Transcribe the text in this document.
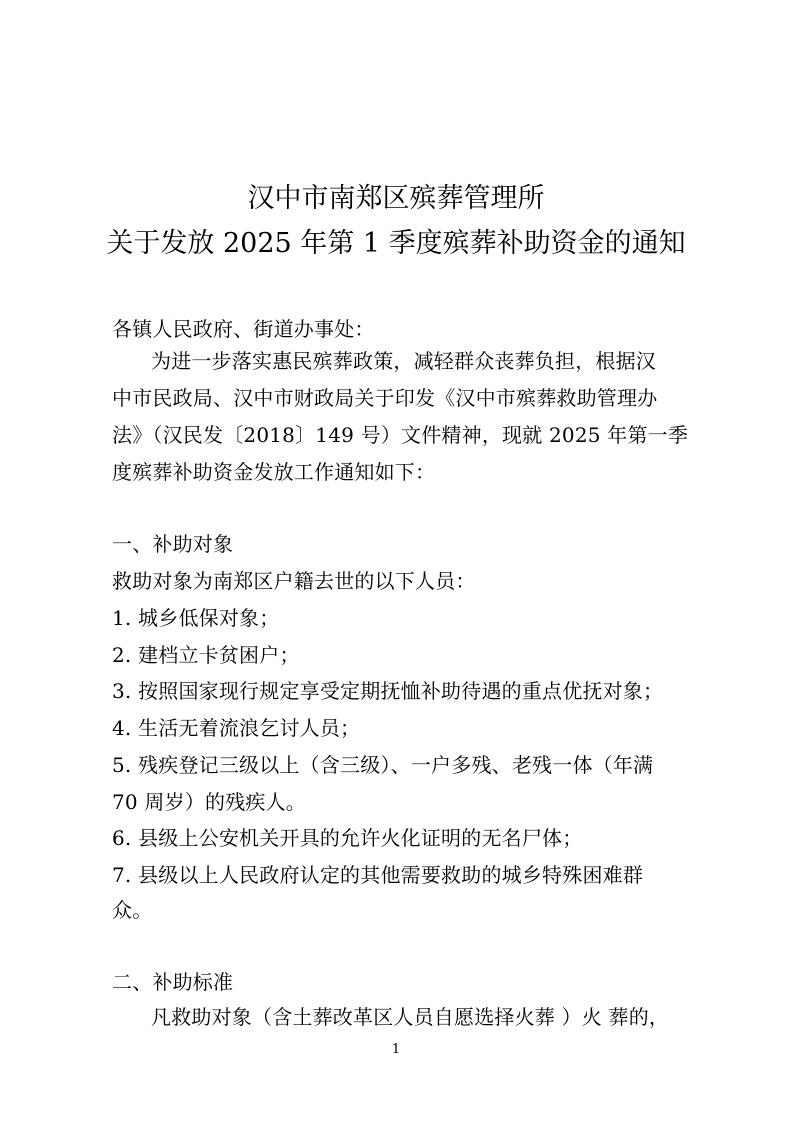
汉中市南郑区殡葬管理所
关于发放 2025 年第 1 季度殡葬补助资金的通知
各镇人民政府、街道办事处：
为进一步落实惠民殡葬政策，减轻群众丧葬负担，根据汉
中市民政局、汉中市财政局关于印发《汉中市殡葬救助管理办
法》（汉民发〔2018〕149 号）文件精神，现就 2025 年第一季
度殡葬补助资金发放工作通知如下：
一、补助对象
救助对象为南郑区户籍去世的以下人员：
1. 城乡低保对象；
2. 建档立卡贫困户；
3. 按照国家现行规定享受定期抚恤补助待遇的重点优抚对象；
4. 生活无着流浪乞讨人员；
5. 残疾登记三级以上（含三级）、一户多残、老残一体（年满
70 周岁）的残疾人。
6. 县级上公安机关开具的允许火化证明的无名尸体；
7. 县级以上人民政府认定的其他需要救助的城乡特殊困难群
众。
二、补助标准
凡救助对象（含土葬改革区人员自愿选择火葬 ）火 葬的，
1
